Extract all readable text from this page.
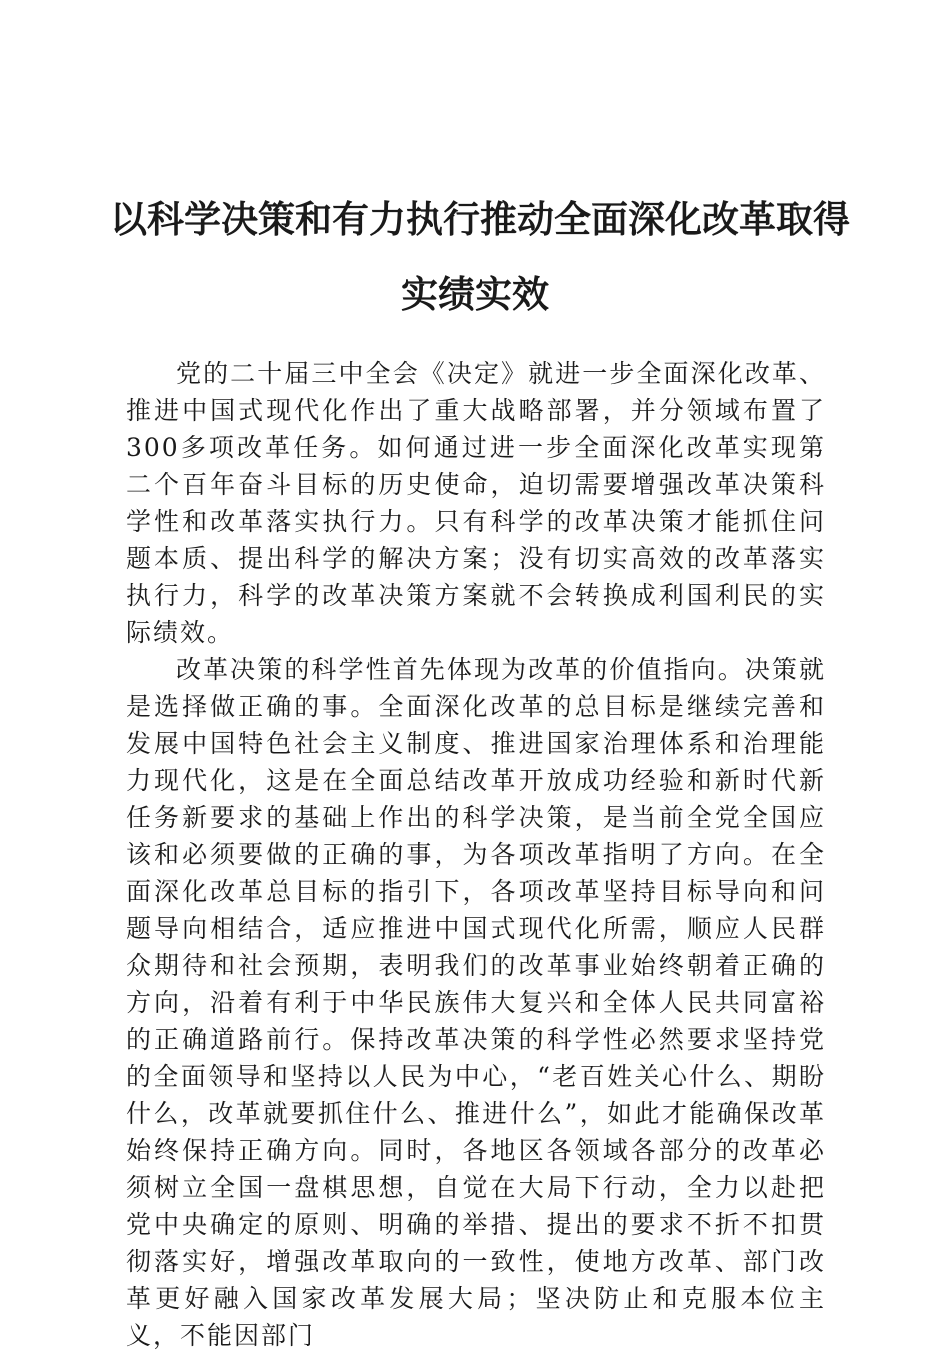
以科学决策和有力执行推动全面深化改革取得
实绩实效

党的二十届三中全会《决定》就进一步全面深化改革、推进中国式现代化作出了重大战略部署，并分领域布置了300多项改革任务。如何通过进一步全面深化改革实现第二个百年奋斗目标的历史使命，迫切需要增强改革决策科学性和改革落实执行力。只有科学的改革决策才能抓住问题本质、提出科学的解决方案；没有切实高效的改革落实执行力，科学的改革决策方案就不会转换成利国利民的实际绩效。

改革决策的科学性首先体现为改革的价值指向。决策就是选择做正确的事。全面深化改革的总目标是继续完善和发展中国特色社会主义制度、推进国家治理体系和治理能力现代化，这是在全面总结改革开放成功经验和新时代新任务新要求的基础上作出的科学决策，是当前全党全国应该和必须要做的正确的事，为各项改革指明了方向。在全面深化改革总目标的指引下，各项改革坚持目标导向和问题导向相结合，适应推进中国式现代化所需，顺应人民群众期待和社会预期，表明我们的改革事业始终朝着正确的方向，沿着有利于中华民族伟大复兴和全体人民共同富裕的正确道路前行。保持改革决策的科学性必然要求坚持党的全面领导和坚持以人民为中心，“老百姓关心什么、期盼什么，改革就要抓住什么、推进什么”，如此才能确保改革始终保持正确方向。同时，各地区各领域各部分的改革必须树立全国一盘棋思想，自觉在大局下行动，全力以赴把党中央确定的原则、明确的举措、提出的要求不折不扣贯彻落实好，增强改革取向的一致性，使地方改革、部门改革更好融入国家改革发展大局；坚决防止和克服本位主义，不能因部门
